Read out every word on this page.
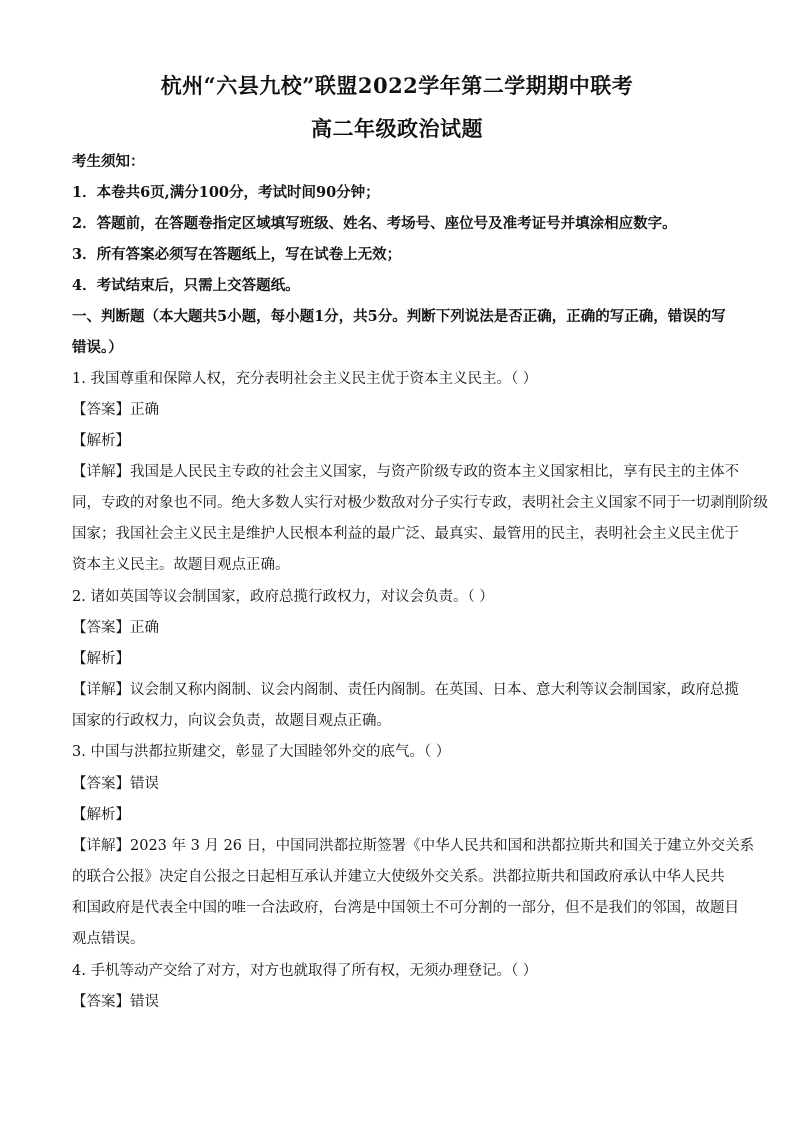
杭州“六县九校”联盟2022学年第二学期期中联考
高二年级政治试题
考生须知：
1．本卷共6页,满分100分，考试时间90分钟；
2．答题前，在答题卷指定区域填写班级、姓名、考场号、座位号及准考证号并填涂相应数字。
3．所有答案必须写在答题纸上，写在试卷上无效；
4．考试结束后，只需上交答题纸。
一、判断题（本大题共5小题，每小题1分，共5分。判断下列说法是否正确，正确的写正确，错误的写
错误。）
1. 我国尊重和保障人权，充分表明社会主义民主优于资本主义民主。（ ）
【答案】正确
【解析】
【详解】我国是人民民主专政的社会主义国家，与资产阶级专政的资本主义国家相比，享有民主的主体不
同，专政的对象也不同。绝大多数人实行对极少数敌对分子实行专政，表明社会主义国家不同于一切剥削阶级
国家；我国社会主义民主是维护人民根本利益的最广泛、最真实、最管用的民主，表明社会主义民主优于
资本主义民主。故题目观点正确。
2. 诸如英国等议会制国家，政府总揽行政权力，对议会负责。（ ）
【答案】正确
【解析】
【详解】议会制又称内阁制、议会内阁制、责任内阁制。在英国、日本、意大利等议会制国家，政府总揽
国家的行政权力，向议会负责，故题目观点正确。
3. 中国与洪都拉斯建交，彰显了大国睦邻外交的底气。（ ）
【答案】错误
【解析】
【详解】2023 年 3 月 26 日，中国同洪都拉斯签署《中华人民共和国和洪都拉斯共和国关于建立外交关系
的联合公报》决定自公报之日起相互承认并建立大使级外交关系。洪都拉斯共和国政府承认中华人民共
和国政府是代表全中国的唯一合法政府，台湾是中国领土不可分割的一部分，但不是我们的邻国，故题目
观点错误。
4. 手机等动产交给了对方，对方也就取得了所有权，无须办理登记。（ ）
【答案】错误
